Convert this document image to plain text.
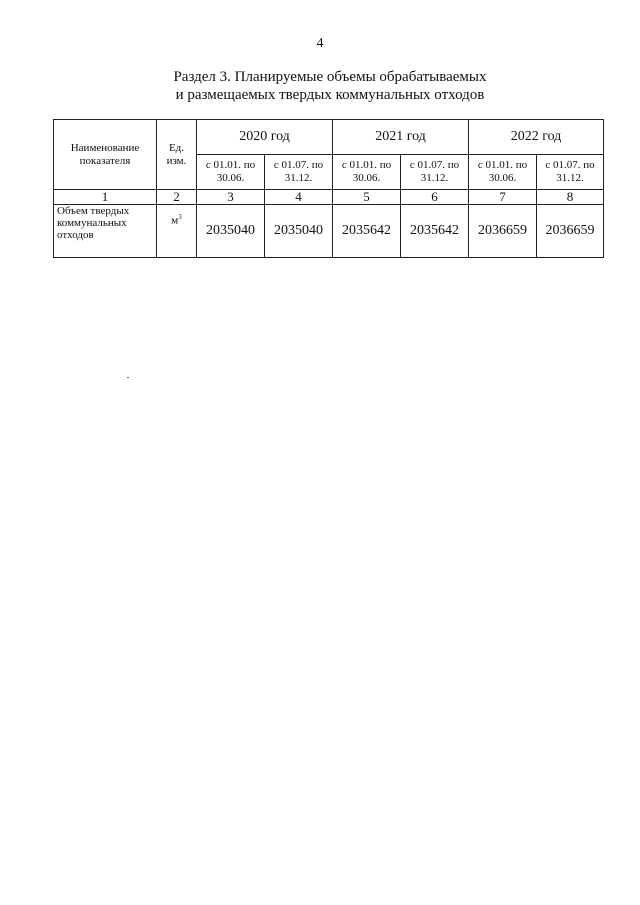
4
Раздел 3. Планируемые объемы обрабатываемых
и размещаемых твердых коммунальных отходов
Наименование показателя	Ед. изм.	2020 год		2021 год		2022 год	
		с 01.01. по 30.06.	с 01.07. по 31.12.	с 01.01. по 30.06.	с 01.07. по 31.12.	с 01.01. по 30.06.	с 01.07. по 31.12.
1	2	3	4	5	6	7	8
Объем твердых коммунальных отходов	$м^3$	2035040	2035040	2035642	2035642	2036659	2036659
